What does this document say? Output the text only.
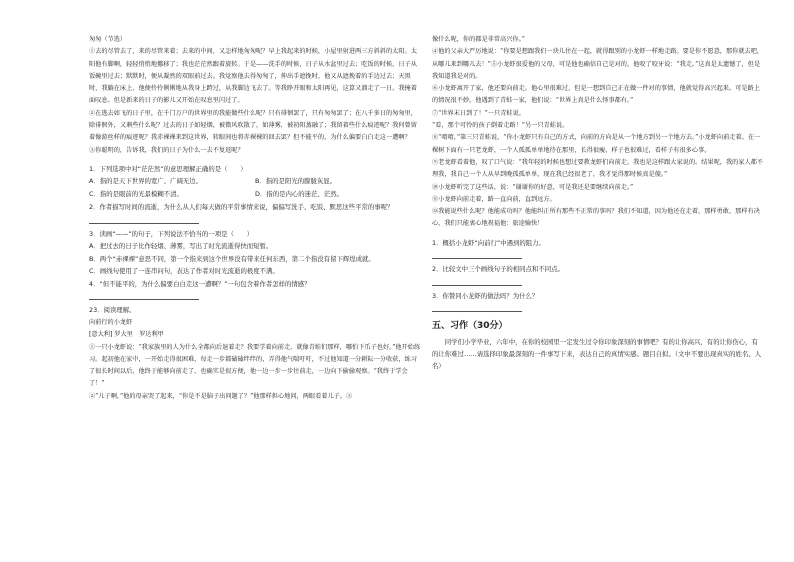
匆匆（节选）

①去的尽管去了，来的尽管来着；去来的中间，又怎样地匆匆呢？早上我起来的时候，小屋里射进两三方斜斜的太阳。太阳他有脚啊，轻轻悄悄地挪移了；我也茫茫然跟着旋转。于是——洗手的时候，日子从水盆里过去；吃饭的时候，日子从饭碗里过去；默默时，便从凝然的双眼前过去。我觉察他去得匆匆了，伸出手遮挽时，他又从遮挽着的手边过去；天黑时，我躺在床上，他便伶伶俐俐地从我身上跨过，从我脚边飞去了。等我睁开眼和太阳再见，这算又溜走了一日。我掩着面叹息。但是新来的日子的影儿又开始在叹息里闪过了。

②在逃去如飞的日子里，在千门万户的世界里的我能做些什么呢？只有徘徊罢了，只有匆匆罢了；在八千多日的匆匆里，除徘徊外，又剩些什么呢？过去的日子如轻烟，被微风吹散了，如薄雾，被初阳蒸融了；我留着些什么痕迹呢？我何曾留着像游丝样的痕迹呢？我赤裸裸来到这世界，转眼间也将赤裸裸的回去罢？但不能平的，为什么偏要白白走这一遭啊？

③你聪明的，告诉我，我们的日子为什么一去不复返呢？

1．下列选项中对“茫茫然”的意思理解正确的是（　　）

A．指的是天下世界的宽广、广阔无边。	B．指的是阳光的朦胧灰显。
C．指的是眼前的光景模糊不清。	D．指的是内心的迷茫、茫然。

2．作者描写时间的流逝，为什么从人们每天做的平常事情来说，偏偏写洗手、吃饭、默思这些平常的事呢？

3．读画“——”的句子，下列说法不恰当的一项是（　　）

A．把过去的日子比作轻烟、薄雾，写出了时光流逝得快而短暂。

B．两个“赤裸裸”意思不同，第一个指来到这个世界没有带来任何东西，第二个指没有留下辉煌成就。

C．画线句使用了一连串问句，表达了作者对时光流逝的极度不满。

4．“但不能平的，为什么偏要白白走这一遭啊？”一句包含着作者怎样的情感？

23．阅读理解。

向前行的小龙虾

[意大利] 罗大里　罗达利甲

①一只小龙虾说：“我家族里的人为什么全都向后退着走？我要学着向前走，就像青蛙们那样，哪怕下爪子也好。”他开始练习。起初他在家中，一开始走得很困难，每走一步都磕磕绊绊的，弄得他气喘吁吁，不过他知道一分耕耘一分收获，练习了很长时间以后，他终于能够向前走了，也确实是很方便，他一边一步一步往前走，一边向下偷偷观察。“我终于学会了！”

②“儿子啊，”他的母亲哭了起来，“你是不是脑子出问题了？”他那样担心地问，两眼看着儿子。③

像什么呢，你的都是非常高兴你。”

④他的父亲大严厉地说：“你要是想跟我们一块儿住在一起，就得跟别的小龙虾一样地走路。要是你不愿意，那你就去吧，从哪儿来到哪儿去！”⑤小龙虾很爱他的父母，可是他也确信自己是对的，他咬了咬牙说：“我走。”这真是太遗憾了，但是我知道我是对的。

⑥小龙虾离开了家，他还要向前走。他心里很难过，但是一想到自己正在做一件对的事情，他就觉得高兴起来。可是路上的情况很不妙。他遇到了青蛙一家，他们说：“世界上真是什么怪事都有。”

⑦“世界末日到了！”一只青蛙说。

“看，那个可怜的孩子倒着走路！”另一只青蛙说。

⑧“唷唷，”第三只青蛙说，“你小龙虾只有自己的方式，向前的方向是从一个地方到另一个地方去。”小龙虾向前走着。在一棵树下面有一只老龙虾，一个人孤孤单单地待在那里，长得很瘦，样子也很难过，看样子有很多心事。

⑨老龙虾看着他，叹了口气说：“我年轻的时候也想过要教龙虾们向前走，我也是这样跟大家说的。结果呢，我的家人都不理我，我自己一个人从早到晚孤孤单单，现在我已经很老了，我才觉得那时候真是傻。”

⑩小龙虾听完了这些话，说：“谢谢你的好意，可是我还是要继续向前走。”

⑪小龙虾向前走着，路一直向前，直到远方。

⑫我能说些什么呢？他能成功吗？他能纠正所有那些不正常的事吗？我们不知道，因为他还在走着，那样勇敢，那样有决心，我们只能衷心地祝福他：旅途愉快！

1．概括小龙虾“向前行”中遇到的阻力。

2．比较文中三个画线句子的相同点和不同点。

3．你赞同小龙虾的做法吗？为什么？

五、习作（30分）

同学们小学毕业，六年中，在你的校园里一定发生过令你印象深刻的事情吧？有的让你高兴，有的让你伤心，有的让你难过……请选择印象最深刻的一件事写下来，表达自己的真情实感。题目自拟。（文中不要出现真实的姓名、人名）
